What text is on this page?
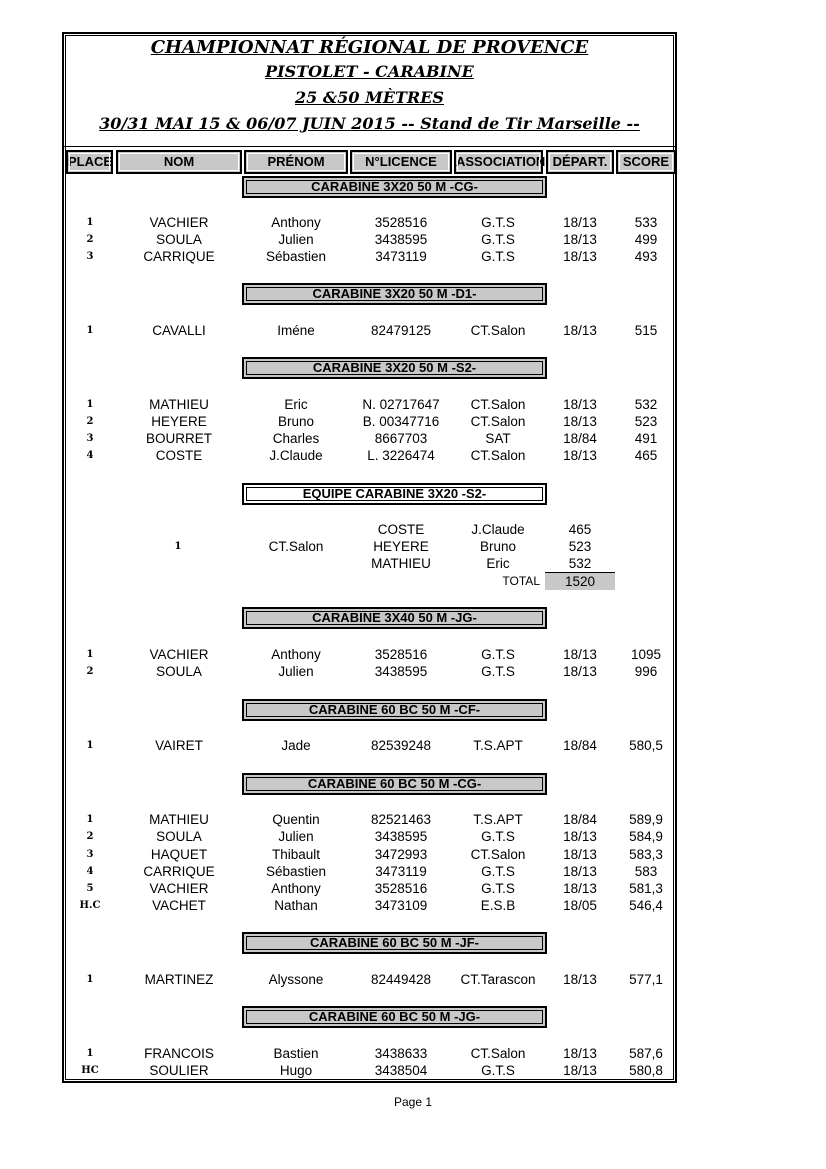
CHAMPIONNAT RÉGIONAL DE PROVENCE
PISTOLET - CARABINE
25 &50 MÈTRES
30/31 MAI 15 & 06/07 JUIN 2015 -- Stand de Tir Marseille --
PLACE	NOM	PRÉNOM	N°LICENCE	ASSOCIATION DÉPART.	SCORE
CARABINE 3X20 50 M -CG-
1	VACHIER	Anthony	3528516	G.T.S	18/13	533
2	SOULA	Julien	3438595	G.T.S	18/13	499
3	CARRIQUE	Sébastien	3473119	G.T.S	18/13	493
CARABINE 3X20 50 M -D1-
1	CAVALLI	Iméne	82479125	CT.Salon	18/13	515
CARABINE 3X20 50 M -S2-
1	MATHIEU	Eric	N. 02717647	CT.Salon	18/13	532
2	HEYERE	Bruno	B. 00347716	CT.Salon	18/13	523
3	BOURRET	Charles	8667703	SAT	18/84	491
4	COSTE	J.Claude	L. 3226474	CT.Salon	18/13	465
EQUIPE CARABINE 3X20 -S2-
1	CT.Salon
COSTE	J.Claude	465
HEYERE	Bruno	523
MATHIEU	Eric	532
TOTAL	1520
CARABINE 3X40 50 M -JG-
1	VACHIER	Anthony	3528516	G.T.S	18/13	1095
2	SOULA	Julien	3438595	G.T.S	18/13	996
CARABINE 60 BC 50 M -CF-
1	VAIRET	Jade	82539248	T.S.APT	18/84	580,5
CARABINE 60 BC 50 M -CG-
1	MATHIEU	Quentin	82521463	T.S.APT	18/84	589,9
2	SOULA	Julien	3438595	G.T.S	18/13	584,9
3	HAQUET	Thibault	3472993	CT.Salon	18/13	583,3
4	CARRIQUE	Sébastien	3473119	G.T.S	18/13	583
5	VACHIER	Anthony	3528516	G.T.S	18/13	581,3
H.C	VACHET	Nathan	3473109	E.S.B	18/05	546,4
CARABINE 60 BC 50 M -JF-
1	MARTINEZ	Alyssone	82449428	CT.Tarascon	18/13	577,1
CARABINE 60 BC 50 M -JG-
1	FRANCOIS	Bastien	3438633	CT.Salon	18/13	587,6
HC	SOULIER	Hugo	3438504	G.T.S	18/13	580,8
Page 1
